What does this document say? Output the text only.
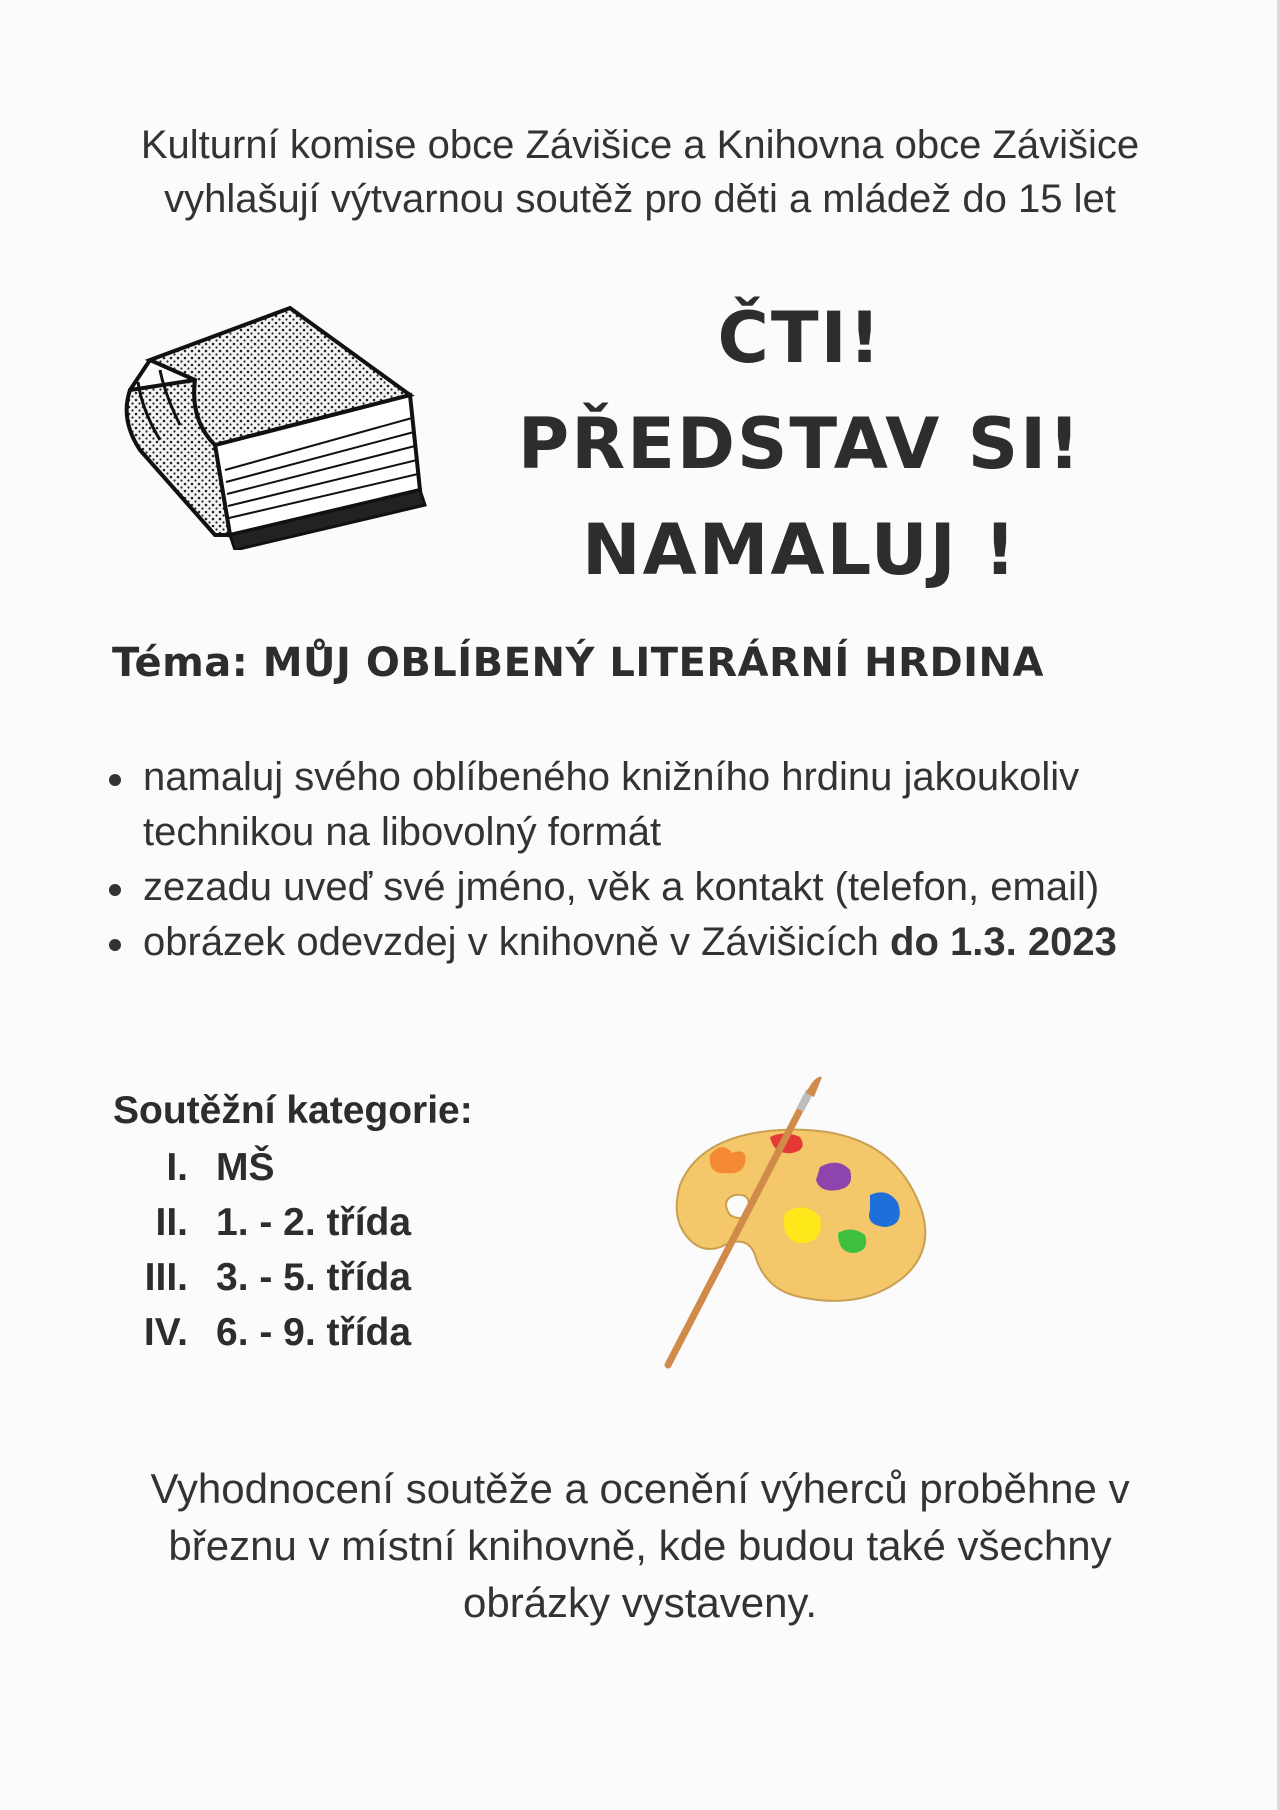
Kulturní komise obce Závišice a Knihovna obce Závišice
vyhlašují výtvarnou soutěž pro děti a mládež do 15 let
ČTI!
PŘEDSTAV SI!
NAMALUJ !
Téma: MŮJ OBLÍBENÝ LITERÁRNÍ HRDINA
namaluj svého oblíbeného knižního hrdinu jakoukoliv
technikou na libovolný formát
zezadu uveď své jméno, věk a kontakt (telefon, email)
obrázek odevzdej v knihovně v Závišicích do 1.3. 2023
Soutěžní kategorie:
I. MŠ
II. 1. - 2. třída
III. 3. - 5. třída
IV. 6. - 9. třída
Vyhodnocení soutěže a ocenění výherců proběhne v
březnu v místní knihovně, kde budou také všechny
obrázky vystaveny.
